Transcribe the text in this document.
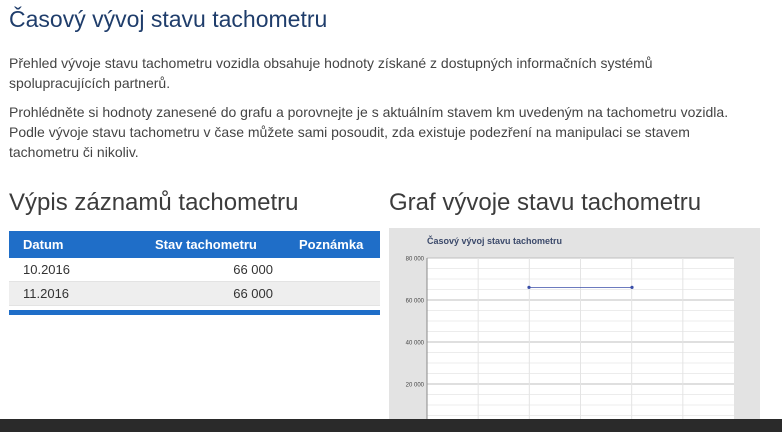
Časový vývoj stavu tachometru

Přehled vývoje stavu tachometru vozidla obsahuje hodnoty získané z dostupných informačních systémů spolupracujících partnerů.

Prohlédněte si hodnoty zanesené do grafu a porovnejte je s aktuálním stavem km uvedeným na tachometru vozidla. Podle vývoje stavu tachometru v čase můžete sami posoudit, zda existuje podezření na manipulaci se stavem tachometru či nikoliv.

Výpis záznamů tachometru	Graf vývoje stavu tachometru
Datum	Stav tachometru	Poznámka
10.2016	66 000
11.2016	66 000
Časový vývoj stavu tachometru
80 000
60 000
40 000
20 000
